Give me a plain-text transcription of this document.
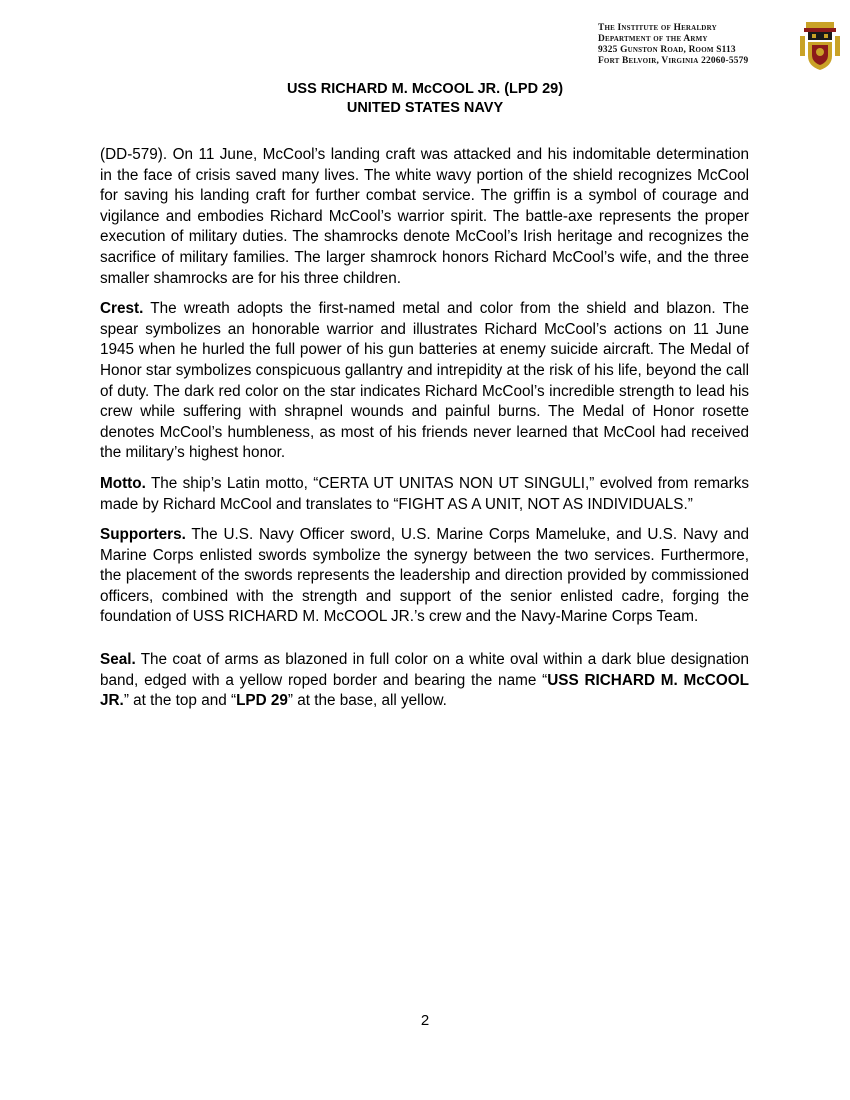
The Institute of Heraldry
Department of the Army
9325 Gunston Road, Room S113
Fort Belvoir, Virginia 22060-5579
USS RICHARD M. McCOOL JR. (LPD 29)
UNITED STATES NAVY

(DD-579). On 11 June, McCool’s landing craft was attacked and his indomitable determination in the face of crisis saved many lives. The white wavy portion of the shield recognizes McCool for saving his landing craft for further combat service. The griffin is a symbol of courage and vigilance and embodies Richard McCool’s warrior spirit. The battle-axe represents the proper execution of military duties. The shamrocks denote McCool’s Irish heritage and recognizes the sacrifice of military families. The larger shamrock honors Richard McCool’s wife, and the three smaller shamrocks are for his three children.

Crest. The wreath adopts the first-named metal and color from the shield and blazon. The spear symbolizes an honorable warrior and illustrates Richard McCool’s actions on 11 June 1945 when he hurled the full power of his gun batteries at enemy suicide aircraft. The Medal of Honor star symbolizes conspicuous gallantry and intrepidity at the risk of his life, beyond the call of duty. The dark red color on the star indicates Richard McCool’s incredible strength to lead his crew while suffering with shrapnel wounds and painful burns. The Medal of Honor rosette denotes McCool’s humbleness, as most of his friends never learned that McCool had received the military’s highest honor.

Motto. The ship’s Latin motto, “CERTA UT UNITAS NON UT SINGULI,” evolved from remarks made by Richard McCool and translates to “FIGHT AS A UNIT, NOT AS INDIVIDUALS.”

Supporters. The U.S. Navy Officer sword, U.S. Marine Corps Mameluke, and U.S. Navy and Marine Corps enlisted swords symbolize the synergy between the two services. Furthermore, the placement of the swords represents the leadership and direction provided by commissioned officers, combined with the strength and support of the senior enlisted cadre, forging the foundation of USS RICHARD M. McCOOL JR.’s crew and the Navy-Marine Corps Team.

Seal. The coat of arms as blazoned in full color on a white oval within a dark blue designation band, edged with a yellow roped border and bearing the name “USS RICHARD M. McCOOL JR.” at the top and “LPD 29” at the base, all yellow.

2
